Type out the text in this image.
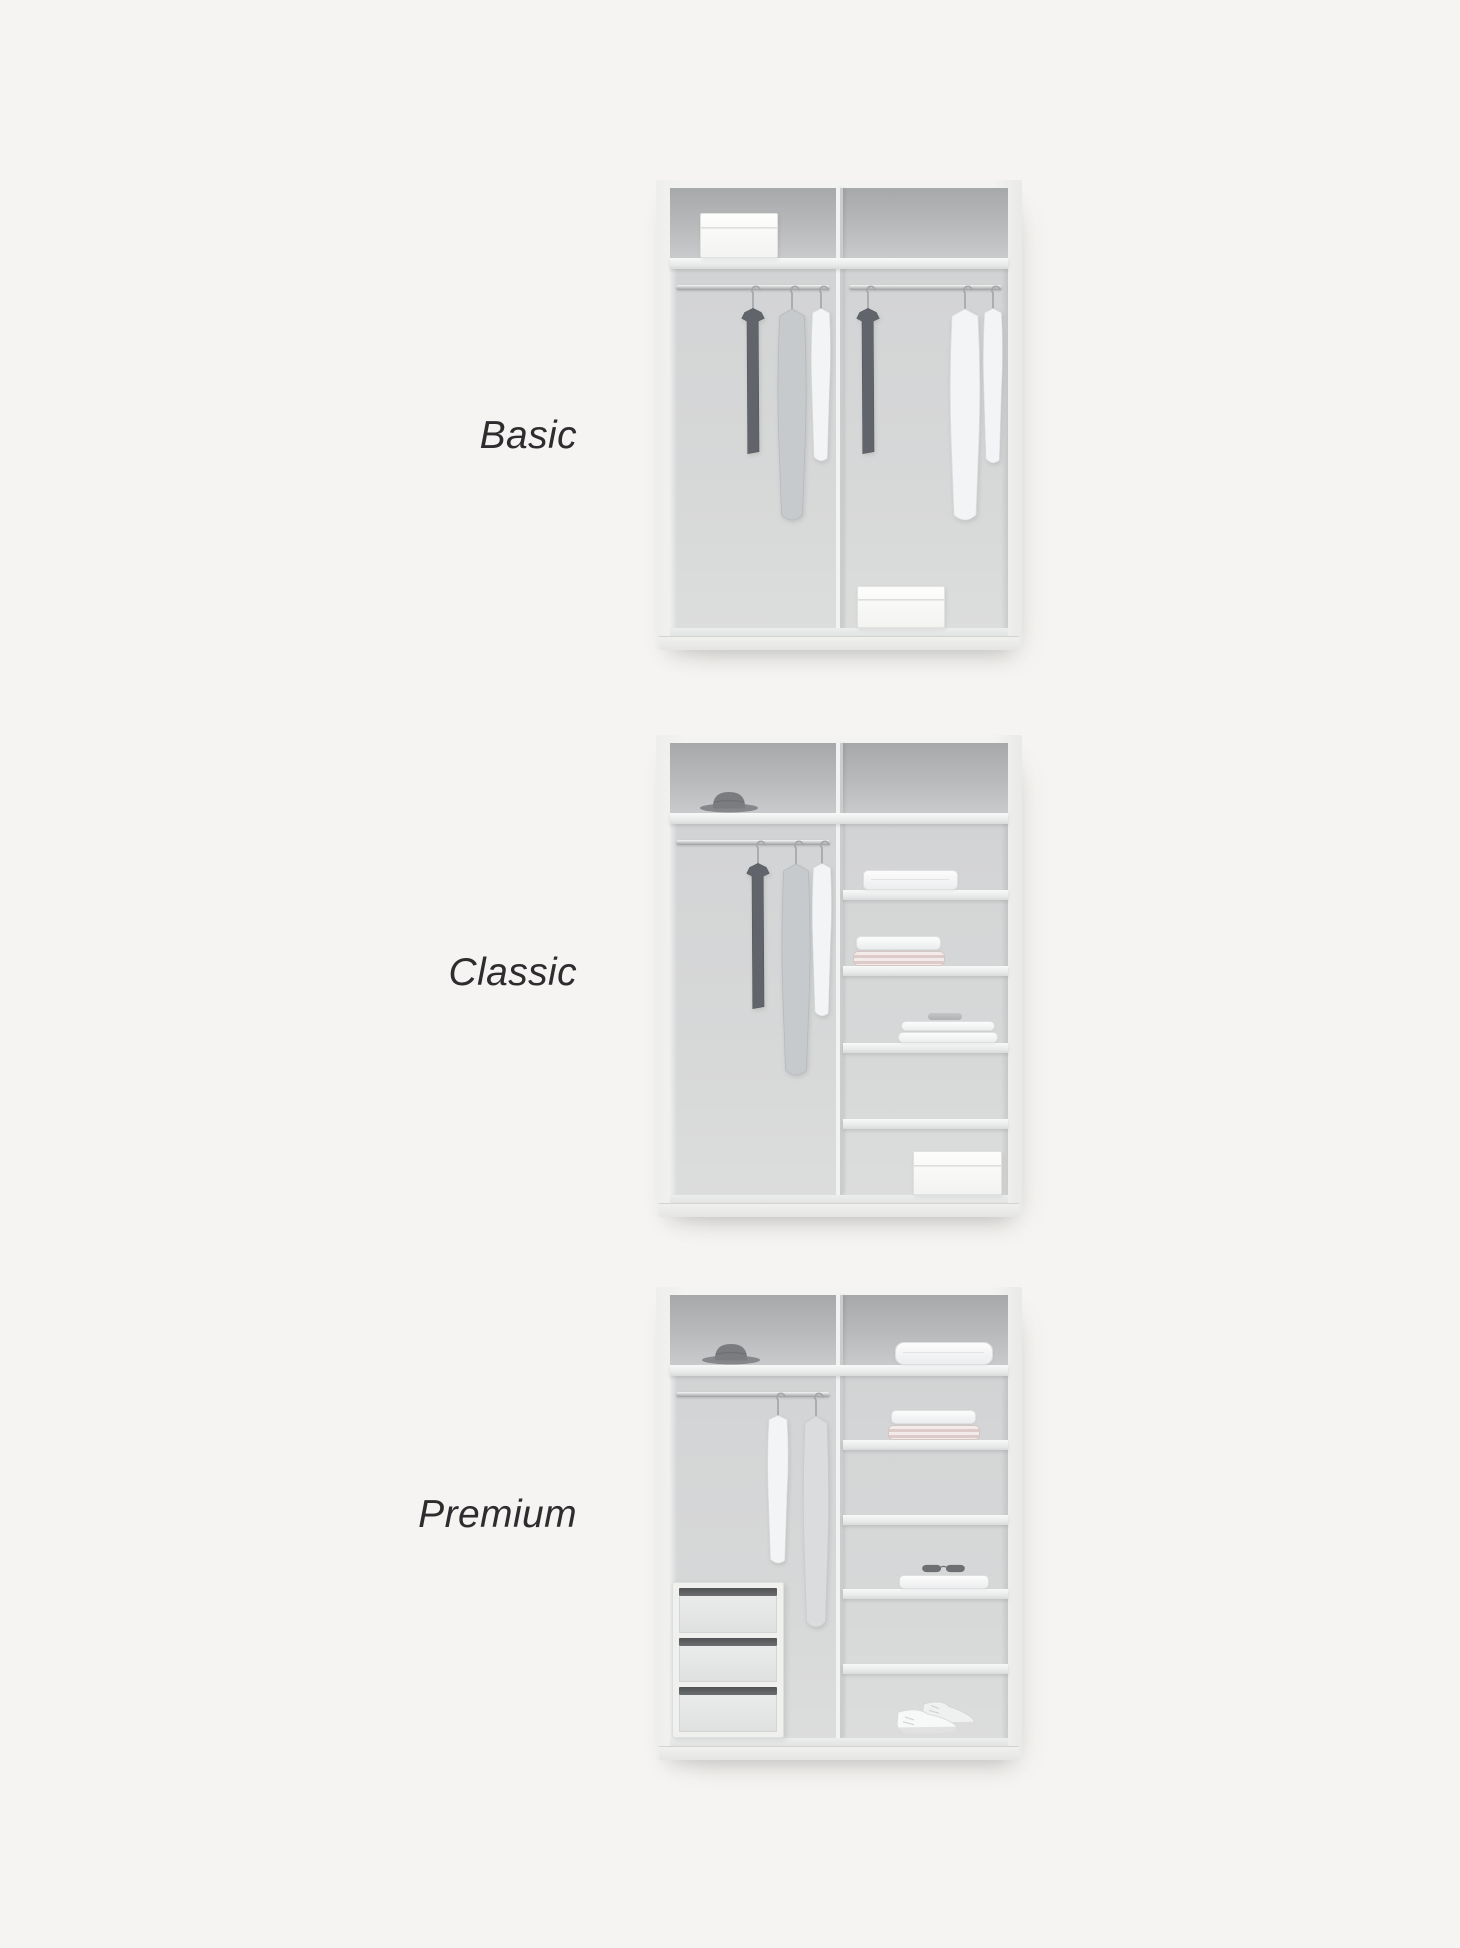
Basic
Classic
Premium
